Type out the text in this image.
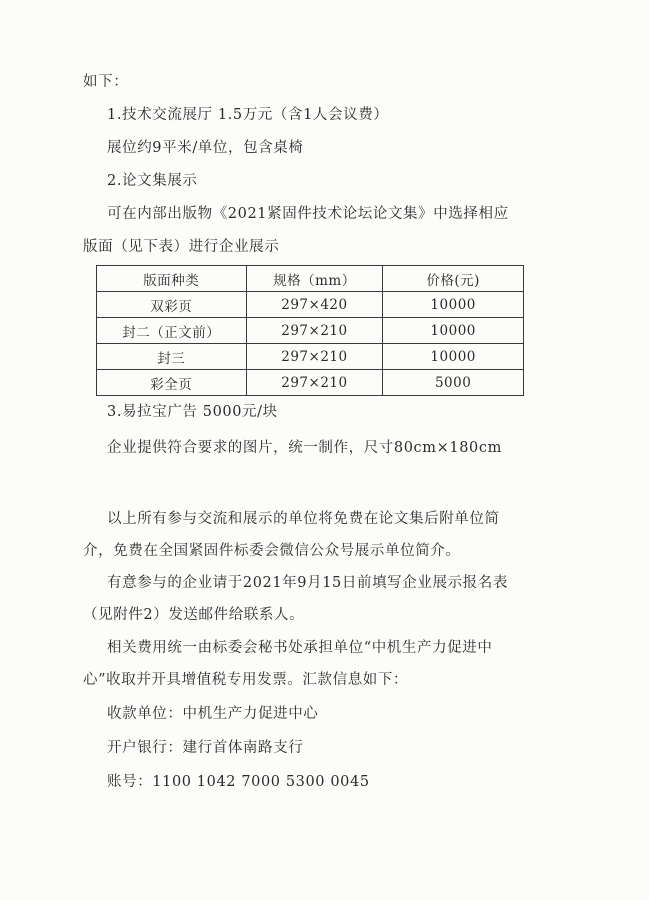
如下：
1.技术交流展厅 1.5万元（含1人会议费）
展位约9平米/单位，包含桌椅
2.论文集展示
可在内部出版物《2021紧固件技术论坛论文集》中选择相应
版面（见下表）进行企业展示
版面种类	规格（mm）	价格(元)
双彩页	297×420	10000
封二（正文前）	297×210	10000
封三	297×210	10000
彩全页	297×210	5000
3.易拉宝广告 5000元/块
企业提供符合要求的图片，统一制作，尺寸80cm×180cm
以上所有参与交流和展示的单位将免费在论文集后附单位简
介，免费在全国紧固件标委会微信公众号展示单位简介。
有意参与的企业请于2021年9月15日前填写企业展示报名表
（见附件2）发送邮件给联系人。
相关费用统一由标委会秘书处承担单位“中机生产力促进中
心”收取并开具增值税专用发票。汇款信息如下：
收款单位：中机生产力促进中心
开户银行：建行首体南路支行
账号：1100 1042 7000 5300 0045
